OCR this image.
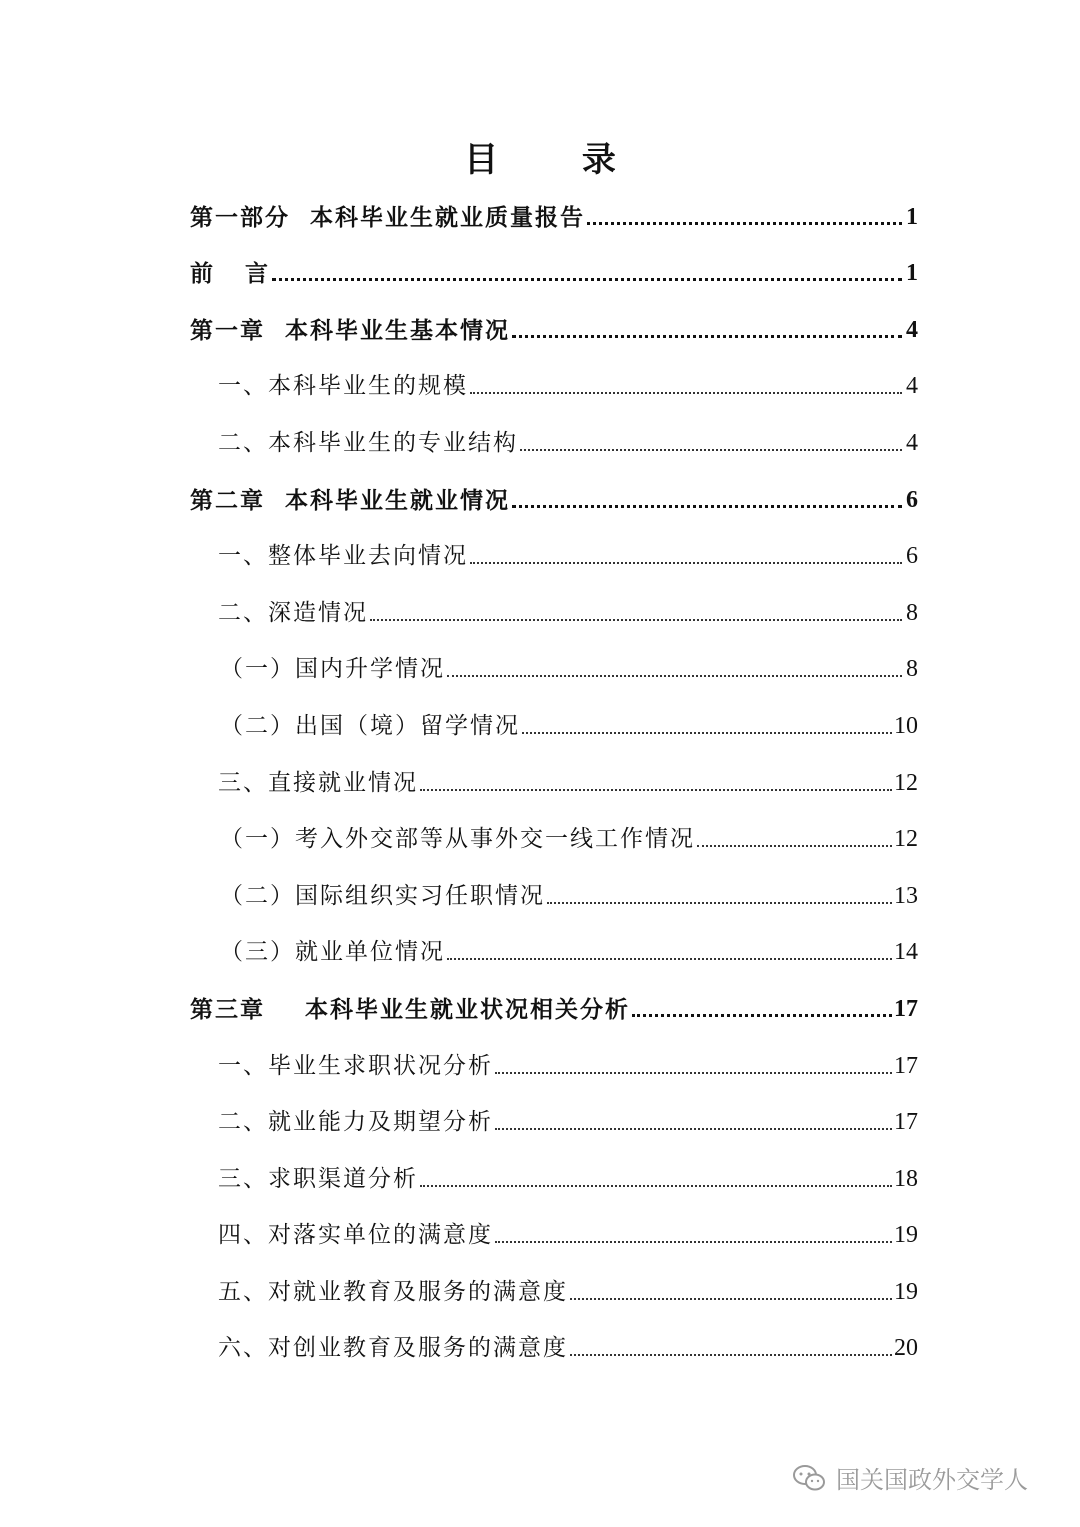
目 录
第一部分  本科毕业生就业质量报告	1
前   言	1
第一章  本科毕业生基本情况	4
一、本科毕业生的规模	4
二、本科毕业生的专业结构	4
第二章  本科毕业生就业情况	6
一、整体毕业去向情况	6
二、深造情况	8
（一）国内升学情况	8
（二）出国（境）留学情况	10
三、直接就业情况	12
（一）考入外交部等从事外交一线工作情况	12
（二）国际组织实习任职情况	13
（三）就业单位情况	14
第三章    本科毕业生就业状况相关分析	17
一、毕业生求职状况分析	17
二、就业能力及期望分析	17
三、求职渠道分析	18
四、对落实单位的满意度	19
五、对就业教育及服务的满意度	19
六、对创业教育及服务的满意度	20
国关国政外交学人
